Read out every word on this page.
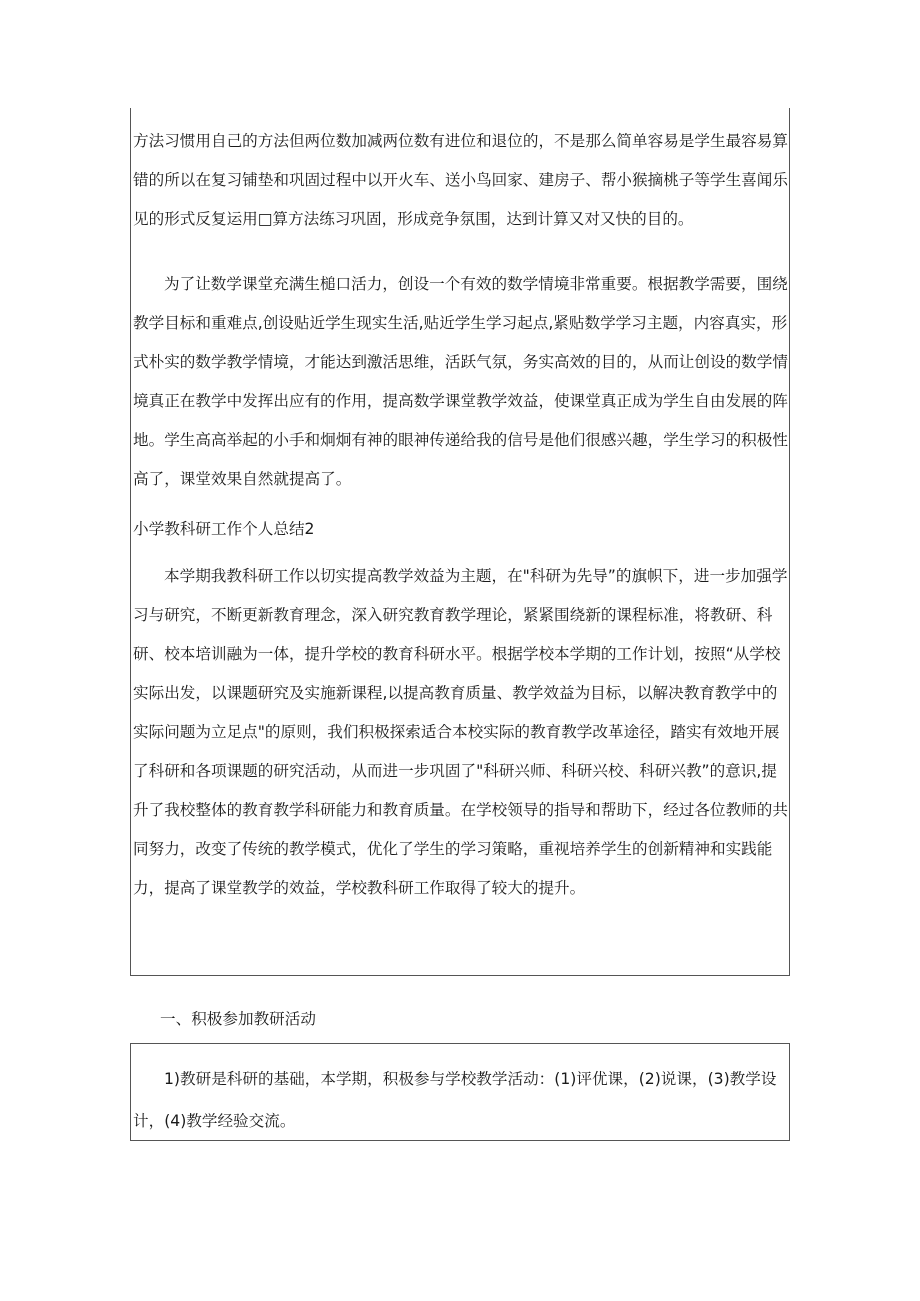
方法习惯用自己的方法但两位数加减两位数有进位和退位的，不是那么简单容易是学生最容易算错的所以在复习铺垫和巩固过程中以开火车、送小鸟回家、建房子、帮小猴摘桃子等学生喜闻乐见的形式反复运用□算方法练习巩固，形成竞争氛围，达到计算又对又快的目的。

为了让数学课堂充满生槌口活力，创设一个有效的数学情境非常重要。根据教学需要，围绕教学目标和重难点,创设贴近学生现实生活,贴近学生学习起点,紧贴数学学习主题，内容真实，形式朴实的数学教学情境，才能达到激活思维，活跃气氛，务实高效的目的，从而让创设的数学情境真正在教学中发挥出应有的作用，提高数学课堂教学效益，使课堂真正成为学生自由发展的阵地。学生高高举起的小手和炯炯有神的眼神传递给我的信号是他们很感兴趣，学生学习的积极性高了，课堂效果自然就提高了。

小学教科研工作个人总结2

本学期我教科研工作以切实提高教学效益为主题，在"科研为先导”的旗帜下，进一步加强学习与研究，不断更新教育理念，深入研究教育教学理论，紧紧围绕新的课程标准，将教研、科研、校本培训融为一体，提升学校的教育科研水平。根据学校本学期的工作计划，按照“从学校实际出发，以课题研究及实施新课程,以提高教育质量、教学效益为目标，以解决教育教学中的实际问题为立足点"的原则，我们积极探索适合本校实际的教育教学改革途径，踏实有效地开展了科研和各项课题的研究活动，从而进一步巩固了"科研兴师、科研兴校、科研兴教”的意识,提升了我校整体的教育教学科研能力和教育质量。在学校领导的指导和帮助下，经过各位教师的共同努力，改变了传统的教学模式，优化了学生的学习策略，重视培养学生的创新精神和实践能力，提高了课堂教学的效益，学校教科研工作取得了较大的提升。

一、积极参加教研活动

1)教研是科研的基础，本学期，积极参与学校教学活动：(1)评优课，(2)说课，(3)教学设计，(4)教学经验交流。
